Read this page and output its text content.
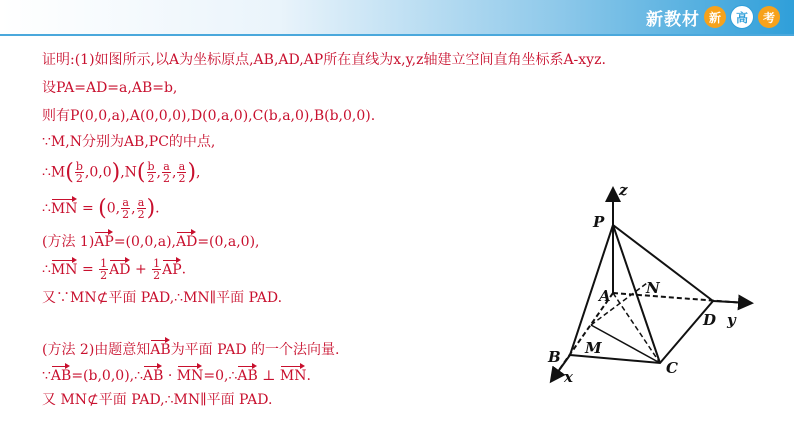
新教材 新	高	考
证明:(1)如图所示,以A为坐标原点,AB,AD,AP所在直线为x,y,z轴建立空间直角坐标系A-xyz.
设PA=AD=a,AB=b,
则有P(0,0,a),A(0,0,0),D(0,a,0),C(b,a,0),B(b,0,0).
∵M,N分别为AB,PC的中点,
∴M( $\frac{b}{2} ,0,0),N( \frac{b}{2}$ , $\frac{a}{2}$ , $\frac{a}{2}$ ),
∴MN = (0, $\frac{a}{2}$ , $\frac{a}{2}$ ).
(方法 1)AP=(0,0,a),AD=(0,a,0),
∴MN = $\frac{1}{2}$ AD + $\frac{1}{2}$ AP.
又∵MN⊄平面 PAD,∴MN∥平面 PAD.
(方法 2)由题意知AB为平面 PAD 的一个法向量.
∵AB=(b,0,0),∴AB · MN=0,∴AB ⊥ MN.
又 MN⊄平面 PAD,∴MN∥平面 PAD.
P
z
A N
D y
B M
C
x
